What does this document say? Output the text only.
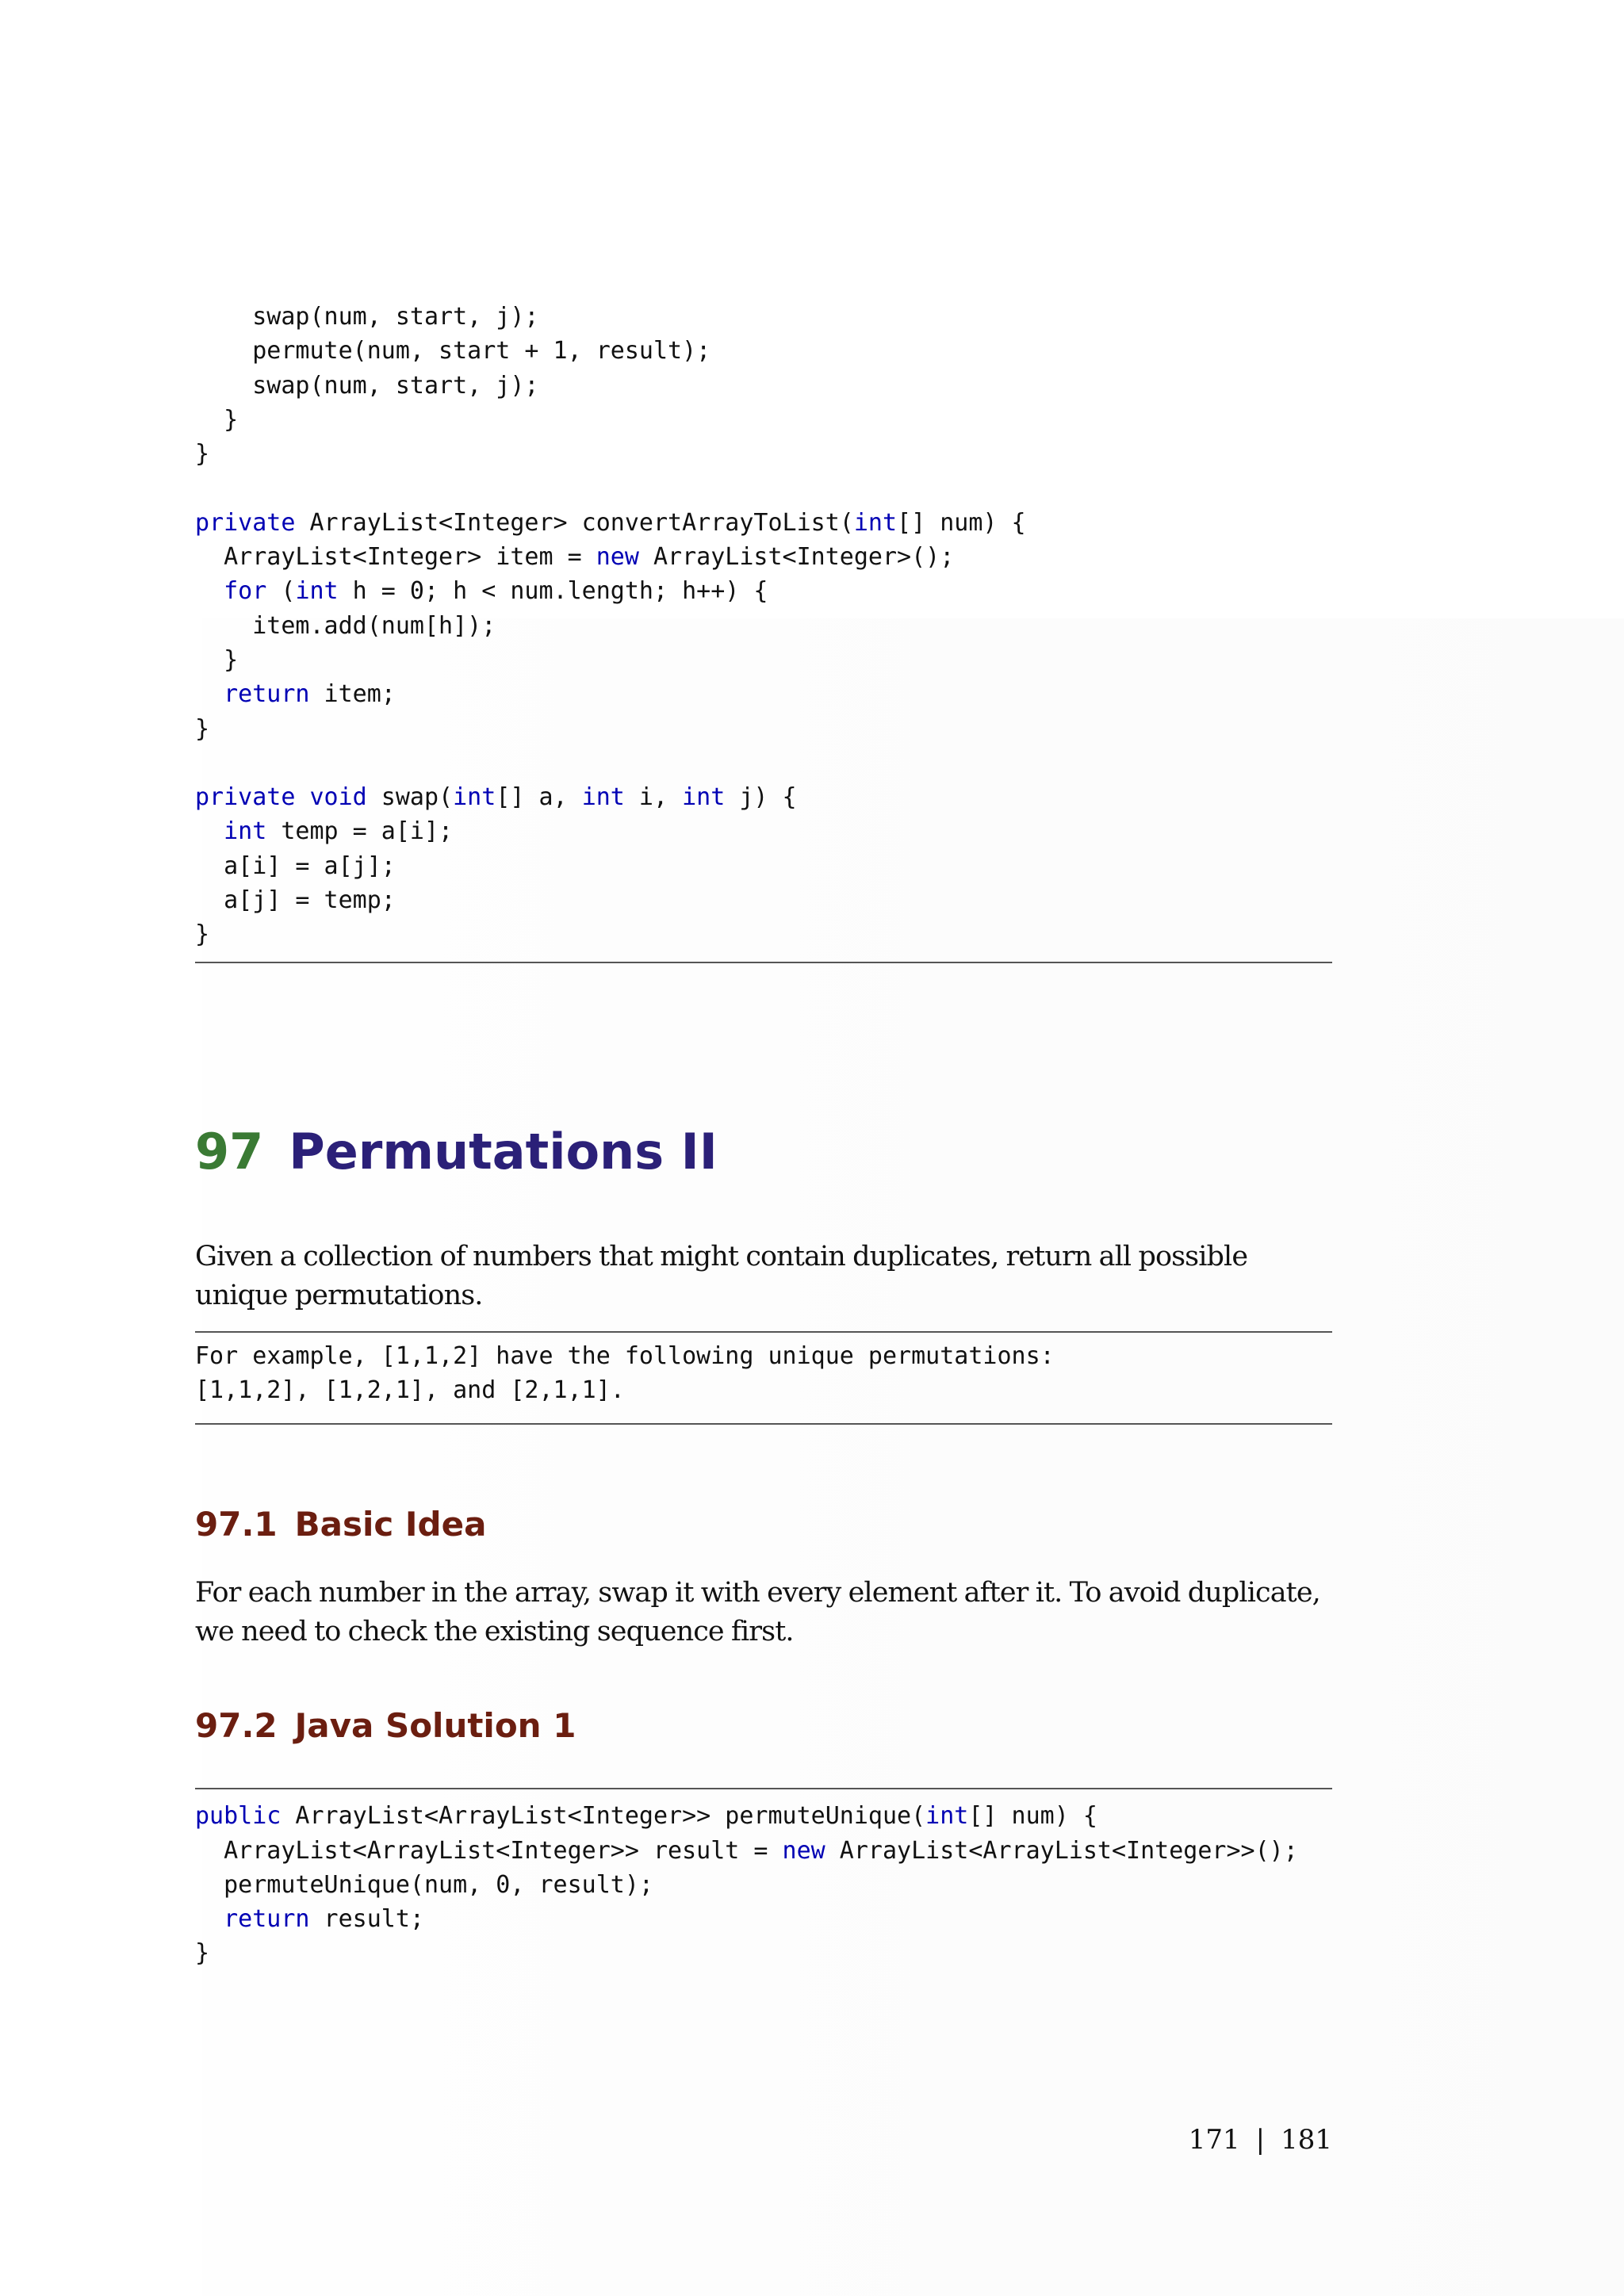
swap(num, start, j);
permute(num, start + 1, result);
swap(num, start, j);
}
}

private ArrayList<Integer> convertArrayToList(int[] num) {
ArrayList<Integer> item = new ArrayList<Integer>();
for (int h = 0; h < num.length; h++) {
item.add(num[h]);
}
return item;
}

private void swap(int[] a, int i, int j) {
int temp = a[i];
a[i] = a[j];
a[j] = temp;
}
97 Permutations II

Given a collection of numbers that might contain duplicates, return all possible unique permutations.

For example, [1,1,2] have the following unique permutations:
[1,1,2], [1,2,1], and [2,1,1].
97.1 Basic Idea

For each number in the array, swap it with every element after it. To avoid duplicate, we need to check the existing sequence first.

97.2 Java Solution 1
public ArrayList<ArrayList<Integer>> permuteUnique(int[] num) {
ArrayList<ArrayList<Integer>> result = new ArrayList<ArrayList<Integer>>();
permuteUnique(num, 0, result);
return result;
}
171 | 181
